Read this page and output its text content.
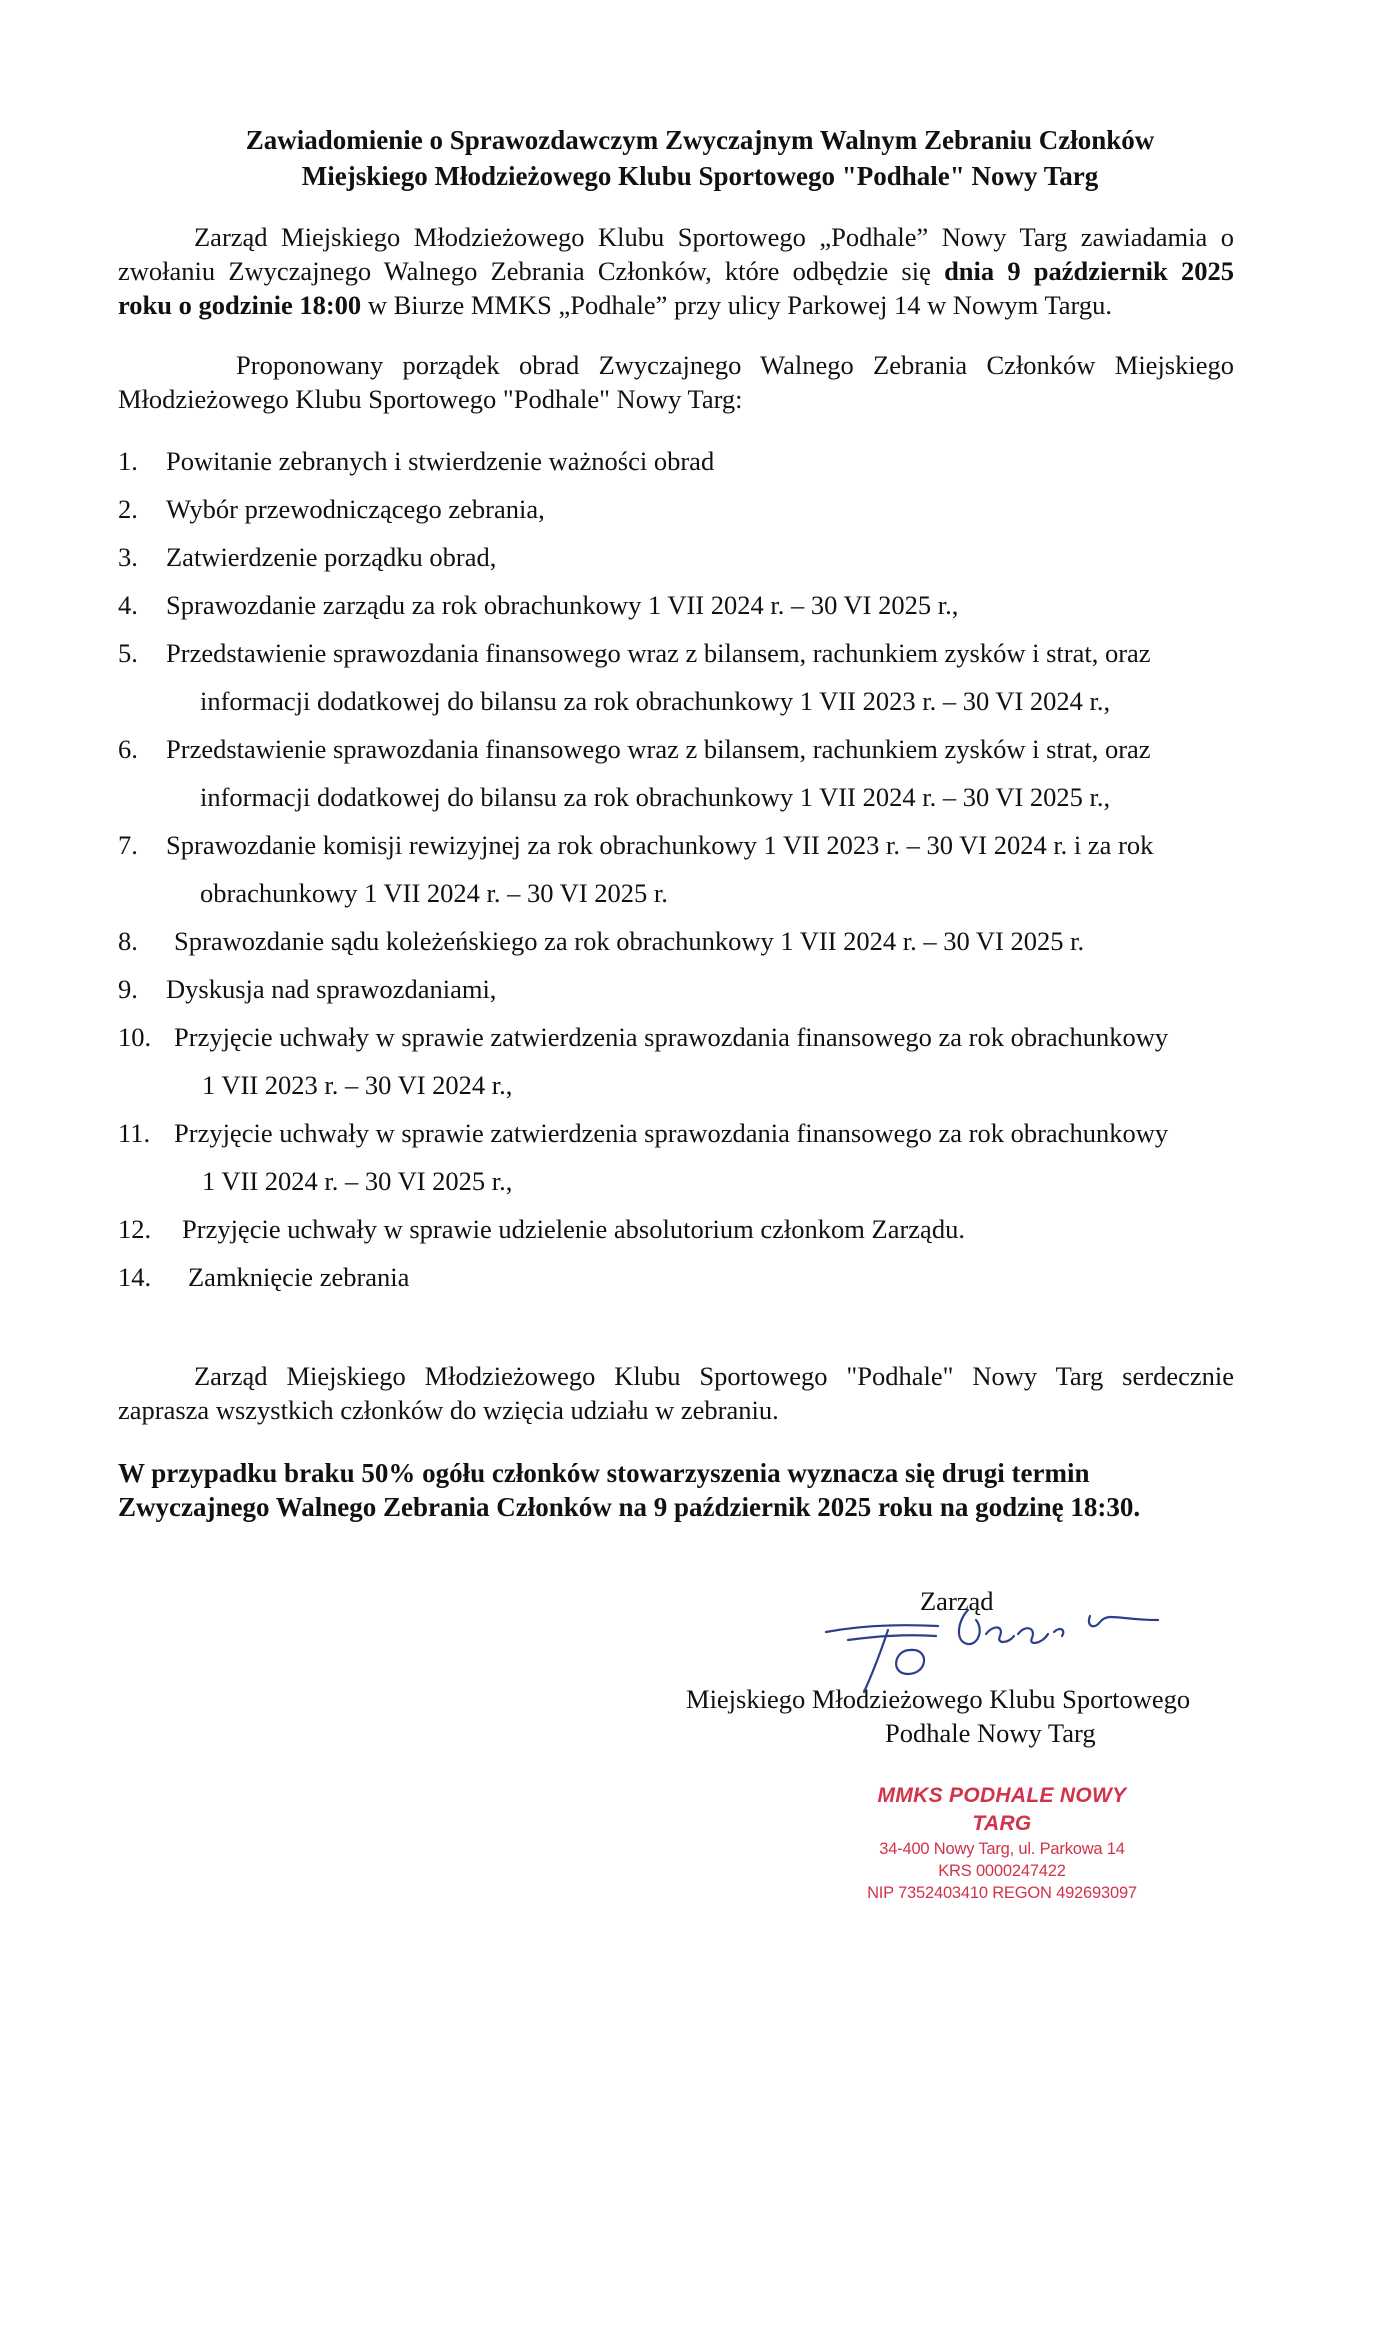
Zawiadomienie o Sprawozdawczym Zwyczajnym Walnym Zebraniu Członków
Miejskiego Młodzieżowego Klubu Sportowego "Podhale" Nowy Targ
Zarząd Miejskiego Młodzieżowego Klubu Sportowego „Podhale” Nowy Targ zawiadamia o
zwołaniu Zwyczajnego Walnego Zebrania Członków, które odbędzie się dnia 9 październik 2025
roku o godzinie 18:00 w Biurze MMKS „Podhale” przy ulicy Parkowej 14 w Nowym Targu.
Proponowany porządek obrad Zwyczajnego Walnego Zebrania Członków Miejskiego
Młodzieżowego Klubu Sportowego "Podhale" Nowy Targ:
1. Powitanie zebranych i stwierdzenie ważności obrad
2. Wybór przewodniczącego zebrania,
3. Zatwierdzenie porządku obrad,
4. Sprawozdanie zarządu za rok obrachunkowy 1 VII 2024 r. – 30 VI 2025 r.,
5. Przedstawienie sprawozdania finansowego wraz z bilansem, rachunkiem zysków i strat, oraz
informacji dodatkowej do bilansu za rok obrachunkowy 1 VII 2023 r. – 30 VI 2024 r.,
6. Przedstawienie sprawozdania finansowego wraz z bilansem, rachunkiem zysków i strat, oraz
informacji dodatkowej do bilansu za rok obrachunkowy 1 VII 2024 r. – 30 VI 2025 r.,
7. Sprawozdanie komisji rewizyjnej za rok obrachunkowy 1 VII 2023 r. – 30 VI 2024 r. i za rok
obrachunkowy 1 VII 2024 r. – 30 VI 2025 r.
8. Sprawozdanie sądu koleżeńskiego za rok obrachunkowy 1 VII 2024 r. – 30 VI 2025 r.
9. Dyskusja nad sprawozdaniami,
10. Przyjęcie uchwały w sprawie zatwierdzenia sprawozdania finansowego za rok obrachunkowy
1 VII 2023 r. – 30 VI 2024 r.,
11. Przyjęcie uchwały w sprawie zatwierdzenia sprawozdania finansowego za rok obrachunkowy
1 VII 2024 r. – 30 VI 2025 r.,
12. Przyjęcie uchwały w sprawie udzielenie absolutorium członkom Zarządu.
14. Zamknięcie zebrania
Zarząd Miejskiego Młodzieżowego Klubu Sportowego "Podhale" Nowy Targ serdecznie
zaprasza wszystkich członków do wzięcia udziału w zebraniu.
W przypadku braku 50% ogółu członków stowarzyszenia wyznacza się drugi termin
Zwyczajnego Walnego Zebrania Członków na 9 październik 2025 roku na godzinę 18:30.
Zarząd
Miejskiego Młodzieżowego Klubu Sportowego
Podhale Nowy Targ
MMKS PODHALE NOWY TARG
34-400 Nowy Targ, ul. Parkowa 14
KRS 0000247422
NIP 7352403410 REGON 492693097
